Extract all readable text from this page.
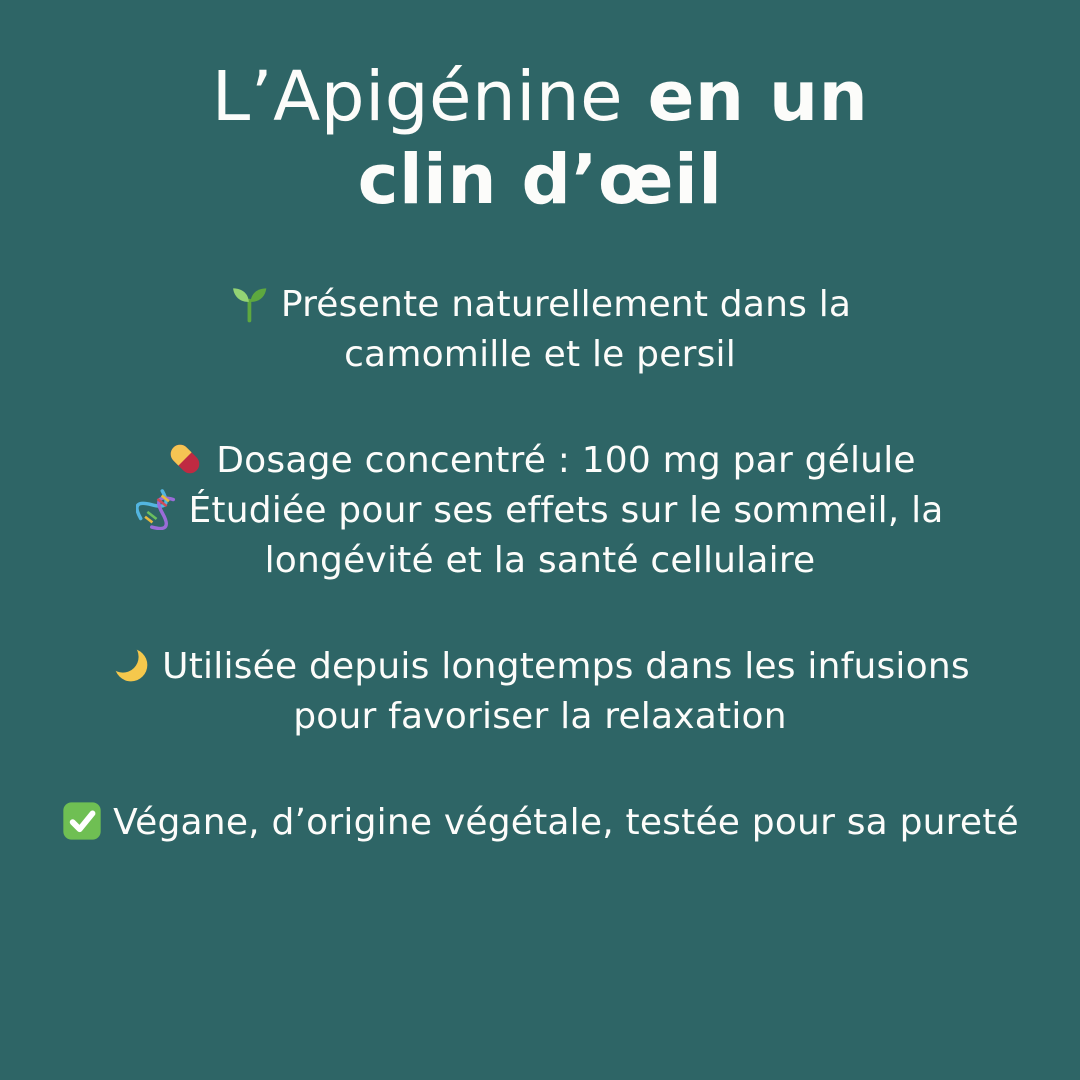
L’Apigénine en un
clin d’œil

Présente naturellement dans la camomille et le persil

Dosage concentré : 100 mg par gélule

Étudiée pour ses effets sur le sommeil, la longévité et la santé cellulaire

Utilisée depuis longtemps dans les infusions pour favoriser la relaxation

Végane, d’origine végétale, testée pour sa pureté
